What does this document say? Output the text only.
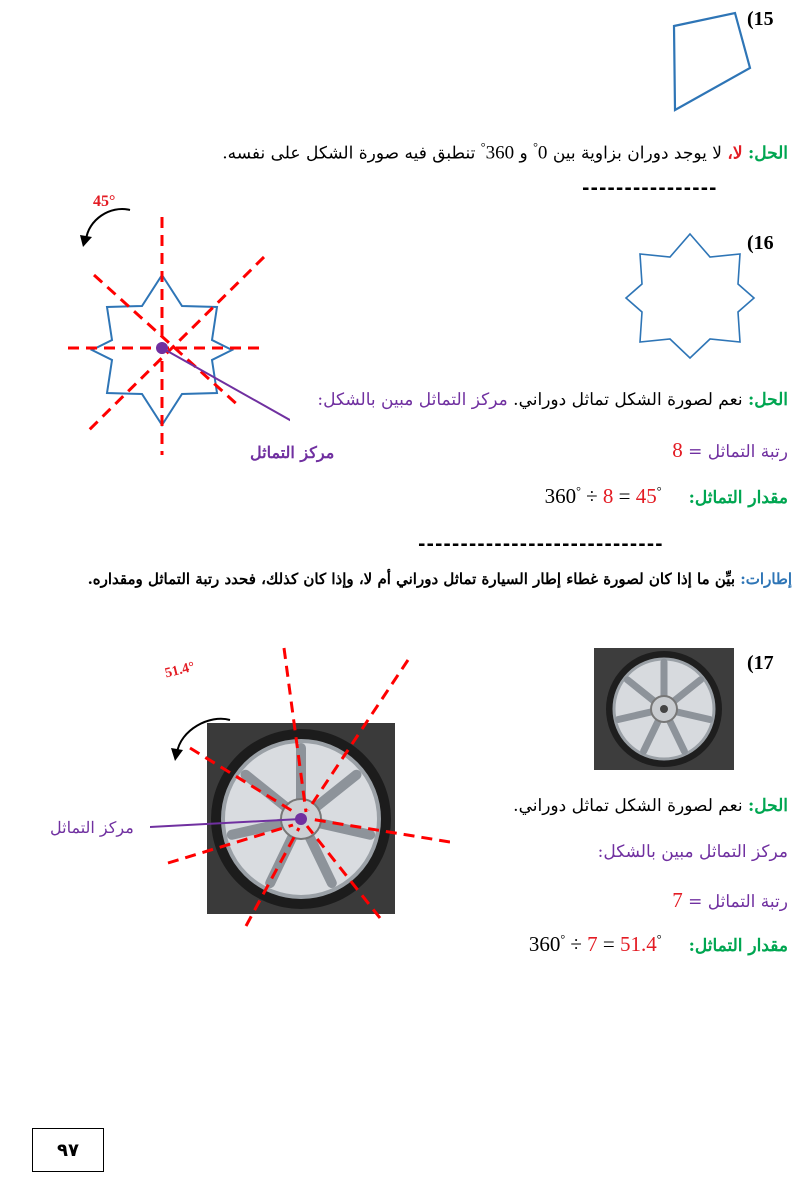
(15
الحل: لا، لا يوجد دوران بزاوية بين °0 و °360 تنطبق فيه صورة الشكل على نفسه.
----------------
(16
45°
مركز التماثل
الحل: نعم لصورة الشكل تماثل دوراني. مركز التماثل مبين بالشكل:
رتبة التماثل = 8
مقدار التماثل:     360° ÷ 8 = 45°
-----------------------------
إطارات: بيِّن ما إذا كان لصورة غطاء إطار السيارة تماثل دوراني أم لا، وإذا كان كذلك، فحدد رتبة التماثل ومقداره.
(17
51.4°
مركز التماثل
الحل: نعم لصورة الشكل تماثل دوراني.
مركز التماثل مبين بالشكل:
رتبة التماثل = 7
مقدار التماثل:     360° ÷ 7 = 51.4°
٩٧
